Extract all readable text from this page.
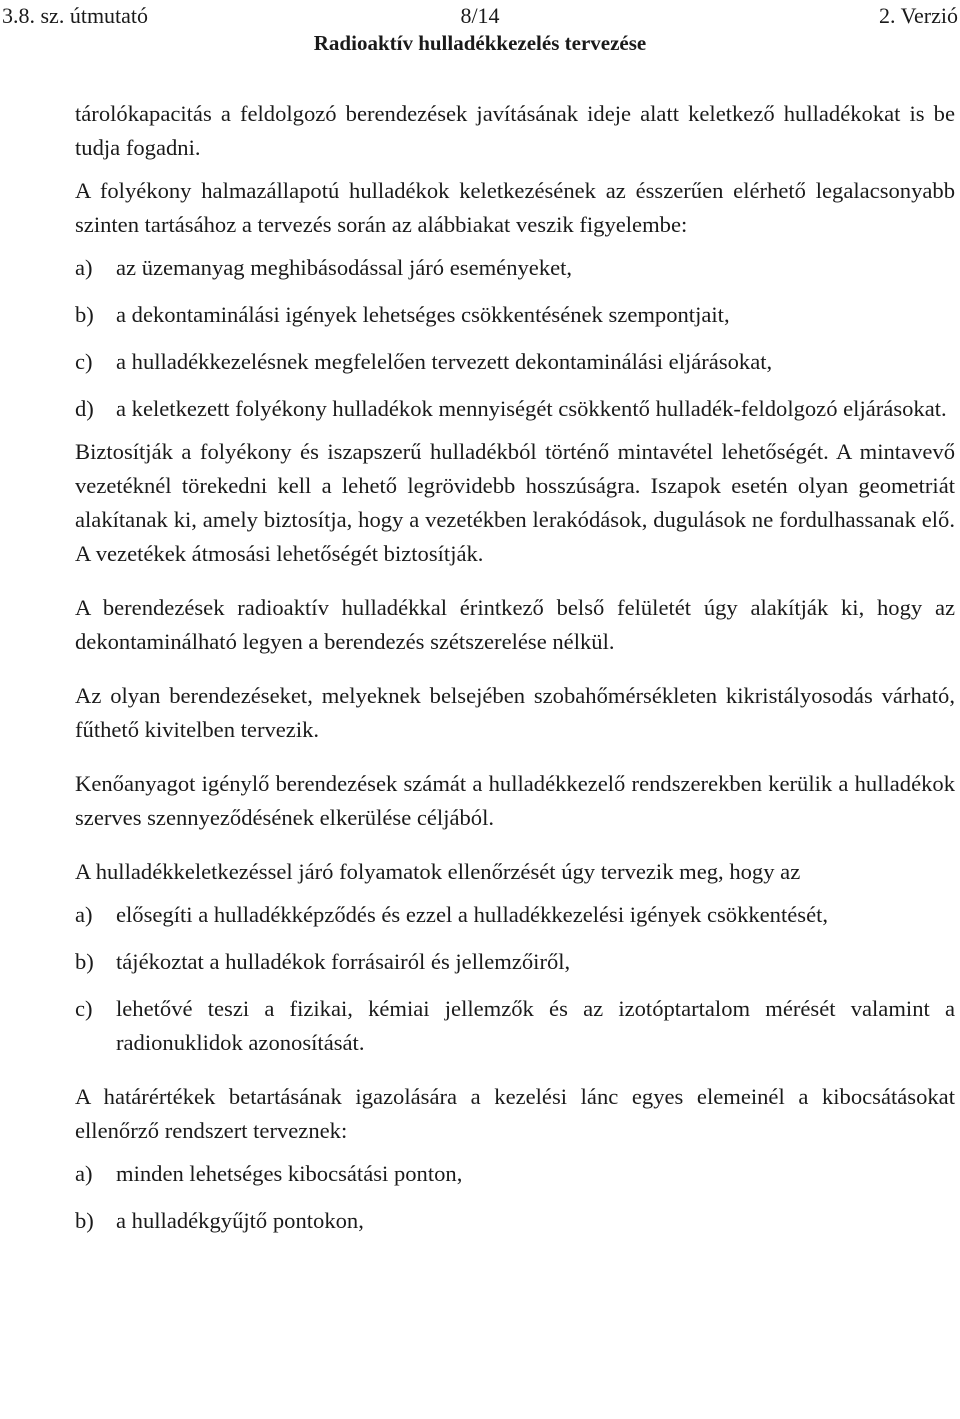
3.8. sz. útmutató	8/14	2. Verzió
Radioaktív hulladékkezelés tervezése

tárolókapacitás a feldolgozó berendezések javításának ideje alatt keletkező hulladékokat is be tudja fogadni.

A folyékony halmazállapotú hulladékok keletkezésének az ésszerűen elérhető legalacsonyabb szinten tartásához a tervezés során az alábbiakat veszik figyelembe:

a) az üzemanyag meghibásodással járó eseményeket,
b) a dekontaminálási igények lehetséges csökkentésének szempontjait,
c) a hulladékkezelésnek megfelelően tervezett dekontaminálási eljárásokat,
d) a keletkezett folyékony hulladékok mennyiségét csökkentő hulladék-feldolgozó eljárásokat.

Biztosítják a folyékony és iszapszerű hulladékból történő mintavétel lehetőségét. A mintavevő vezetéknél törekedni kell a lehető legrövidebb hosszúságra. Iszapok esetén olyan geometriát alakítanak ki, amely biztosítja, hogy a vezetékben lerakódások, dugulások ne fordulhassanak elő. A vezetékek átmosási lehetőségét biztosítják.

A berendezések radioaktív hulladékkal érintkező belső felületét úgy alakítják ki, hogy az dekontaminálható legyen a berendezés szétszerelése nélkül.

Az olyan berendezéseket, melyeknek belsejében szobahőmérsékleten kikristályosodás várható, fűthető kivitelben tervezik.

Kenőanyagot igénylő berendezések számát a hulladékkezelő rendszerekben kerülik a hulladékok szerves szennyeződésének elkerülése céljából.

A hulladékkeletkezéssel járó folyamatok ellenőrzését úgy tervezik meg, hogy az

a) elősegíti a hulladékképződés és ezzel a hulladékkezelési igények csökkentését,
b) tájékoztat a hulladékok forrásairól és jellemzőiről,
c) lehetővé teszi a fizikai, kémiai jellemzők és az izotóptartalom mérését valamint a radionuklidok azonosítását.

A határértékek betartásának igazolására a kezelési lánc egyes elemeinél a kibocsátásokat ellenőrző rendszert terveznek:

a) minden lehetséges kibocsátási ponton,
b) a hulladékgyűjtő pontokon,
